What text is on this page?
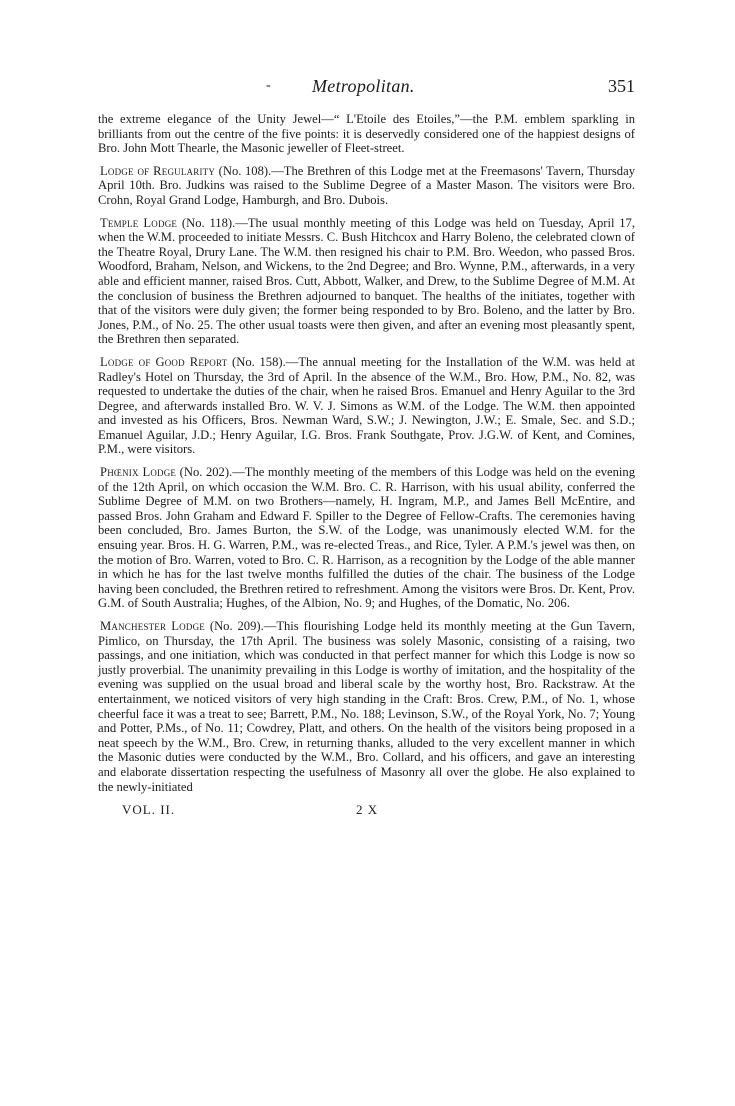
- Metropolitan.	351

the extreme elegance of the Unity Jewel—“ L'Etoile des Etoiles,”—the P.M. emblem sparkling in brilliants from out the centre of the five points: it is deservedly considered one of the happiest designs of Bro. John Mott Thearle, the Masonic jeweller of Fleet-street.

Lodge of Regularity (No. 108).—The Brethren of this Lodge met at the Freemasons' Tavern, Thursday April 10th. Bro. Judkins was raised to the Sublime Degree of a Master Mason. The visitors were Bro. Crohn, Royal Grand Lodge, Hamburgh, and Bro. Dubois.

Temple Lodge (No. 118).—The usual monthly meeting of this Lodge was held on Tuesday, April 17, when the W.M. proceeded to initiate Messrs. C. Bush Hitchcox and Harry Boleno, the celebrated clown of the Theatre Royal, Drury Lane. The W.M. then resigned his chair to P.M. Bro. Weedon, who passed Bros. Woodford, Braham, Nelson, and Wickens, to the 2nd Degree; and Bro. Wynne, P.M., afterwards, in a very able and efficient manner, raised Bros. Cutt, Abbott, Walker, and Drew, to the Sublime Degree of M.M. At the conclusion of business the Brethren adjourned to banquet. The healths of the initiates, together with that of the visitors were duly given; the former being responded to by Bro. Boleno, and the latter by Bro. Jones, P.M., of No. 25. The other usual toasts were then given, and after an evening most pleasantly spent, the Brethren then separated.

Lodge of Good Report (No. 158).—The annual meeting for the Installation of the W.M. was held at Radley's Hotel on Thursday, the 3rd of April. In the absence of the W.M., Bro. How, P.M., No. 82, was requested to undertake the duties of the chair, when he raised Bros. Emanuel and Henry Aguilar to the 3rd Degree, and afterwards installed Bro. W. V. J. Simons as W.M. of the Lodge. The W.M. then appointed and invested as his Officers, Bros. Newman Ward, S.W.; J. Newington, J.W.; E. Smale, Sec. and S.D.; Emanuel Aguilar, J.D.; Henry Aguilar, I.G. Bros. Frank Southgate, Prov. J.G.W. of Kent, and Comines, P.M., were visitors.

Phœnix Lodge (No. 202).—The monthly meeting of the members of this Lodge was held on the evening of the 12th April, on which occasion the W.M. Bro. C. R. Harrison, with his usual ability, conferred the Sublime Degree of M.M. on two Brothers—namely, H. Ingram, M.P., and James Bell McEntire, and passed Bros. John Graham and Edward F. Spiller to the Degree of Fellow-Crafts. The ceremonies having been concluded, Bro. James Burton, the S.W. of the Lodge, was unanimously elected W.M. for the ensuing year. Bros. H. G. Warren, P.M., was re-elected Treas., and Rice, Tyler. A P.M.'s jewel was then, on the motion of Bro. Warren, voted to Bro. C. R. Harrison, as a recognition by the Lodge of the able manner in which he has for the last twelve months fulfilled the duties of the chair. The business of the Lodge having been concluded, the Brethren retired to refreshment. Among the visitors were Bros. Dr. Kent, Prov. G.M. of South Australia; Hughes, of the Albion, No. 9; and Hughes, of the Domatic, No. 206.

Manchester Lodge (No. 209).—This flourishing Lodge held its monthly meeting at the Gun Tavern, Pimlico, on Thursday, the 17th April. The business was solely Masonic, consisting of a raising, two passings, and one initiation, which was conducted in that perfect manner for which this Lodge is now so justly proverbial. The unanimity prevailing in this Lodge is worthy of imitation, and the hospitality of the evening was supplied on the usual broad and liberal scale by the worthy host, Bro. Rackstraw. At the entertainment, we noticed visitors of very high standing in the Craft: Bros. Crew, P.M., of No. 1, whose cheerful face it was a treat to see; Barrett, P.M., No. 188; Levinson, S.W., of the Royal York, No. 7; Young and Potter, P.Ms., of No. 11; Cowdrey, Platt, and others. On the health of the visitors being proposed in a neat speech by the W.M., Bro. Crew, in returning thanks, alluded to the very excellent manner in which the Masonic duties were conducted by the W.M., Bro. Collard, and his officers, and gave an interesting and elaborate dissertation respecting the usefulness of Masonry all over the globe. He also explained to the newly-initiated

VOL. II.	2 X
